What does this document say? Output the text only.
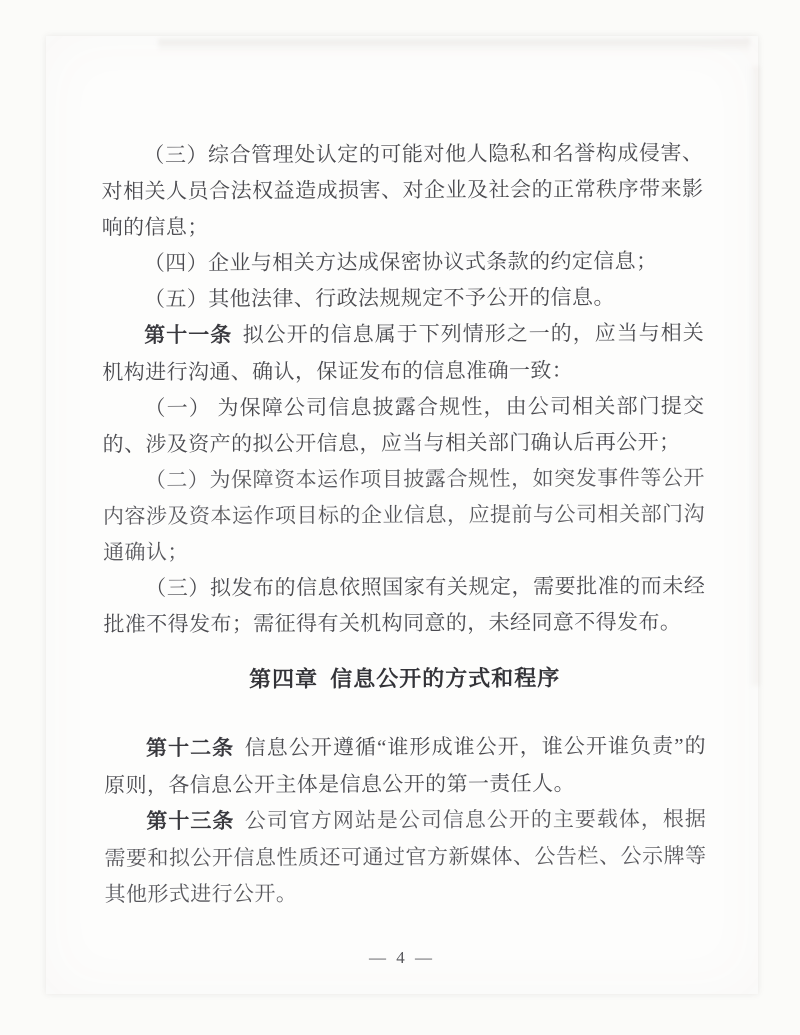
（三）综合管理处认定的可能对他人隐私和名誉构成侵害、对相关人员合法权益造成损害、对企业及社会的正常秩序带来影响的信息；

（四）企业与相关方达成保密协议式条款的约定信息；

（五）其他法律、行政法规规定不予公开的信息。

第十一条 拟公开的信息属于下列情形之一的，应当与相关机构进行沟通、确认，保证发布的信息准确一致：

（一） 为保障公司信息披露合规性，由公司相关部门提交的、涉及资产的拟公开信息，应当与相关部门确认后再公开；

（二）为保障资本运作项目披露合规性，如突发事件等公开内容涉及资本运作项目标的企业信息，应提前与公司相关部门沟通确认；

（三）拟发布的信息依照国家有关规定，需要批准的而未经批准不得发布；需征得有关机构同意的，未经同意不得发布。

第四章 信息公开的方式和程序

第十二条 信息公开遵循“谁形成谁公开，谁公开谁负责”的原则，各信息公开主体是信息公开的第一责任人。

第十三条 公司官方网站是公司信息公开的主要载体，根据需要和拟公开信息性质还可通过官方新媒体、公告栏、公示牌等其他形式进行公开。

— 4 —
